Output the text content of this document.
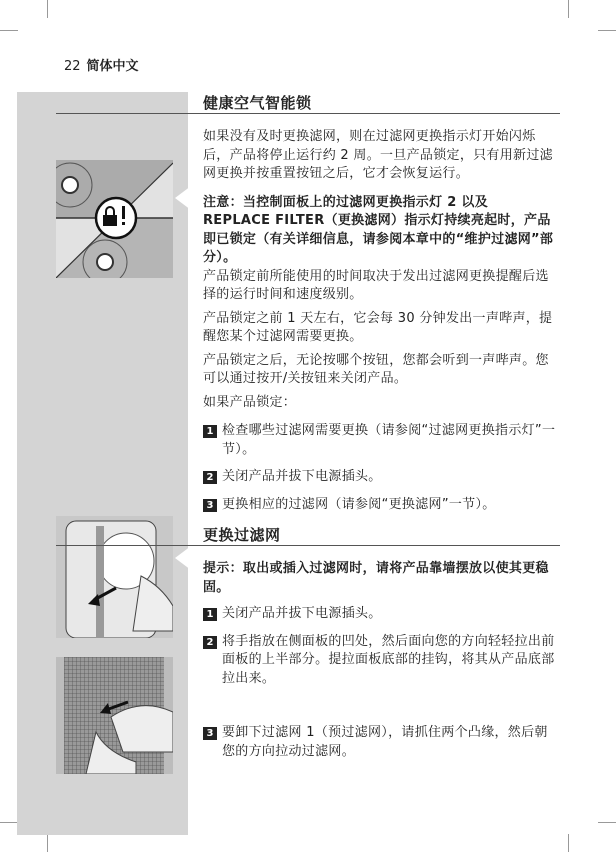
22 简体中文
健康空气智能锁
如果没有及时更换滤网，则在过滤网更换指示灯开始闪烁后，产品将停止运行约 2 周。一旦产品锁定，只有用新过滤网更换并按重置按钮之后，它才会恢复运行。
注意：当控制面板上的过滤网更换指示灯 2 以及 REPLACE FILTER（更换滤网）指示灯持续亮起时，产品即已锁定（有关详细信息，请参阅本章中的“维护过滤网”部分）。
产品锁定前所能使用的时间取决于发出过滤网更换提醒后选择的运行时间和速度级别。
产品锁定之前 1 天左右，它会每 30 分钟发出一声哔声，提醒您某个过滤网需要更换。
产品锁定之后，无论按哪个按钮，您都会听到一声哔声。您可以通过按开/关按钮来关闭产品。
如果产品锁定：
1 检查哪些过滤网需要更换（请参阅“过滤网更换指示灯”一节）。
2 关闭产品并拔下电源插头。
3 更换相应的过滤网（请参阅“更换滤网”一节）。
更换过滤网
提示：取出或插入过滤网时，请将产品靠墙摆放以使其更稳固。
1 关闭产品并拔下电源插头。
2 将手指放在侧面板的凹处，然后面向您的方向轻轻拉出前面板的上半部分。提拉面板底部的挂钩，将其从产品底部拉出来。
3 要卸下过滤网 1（预过滤网），请抓住两个凸缘，然后朝您的方向拉动过滤网。
